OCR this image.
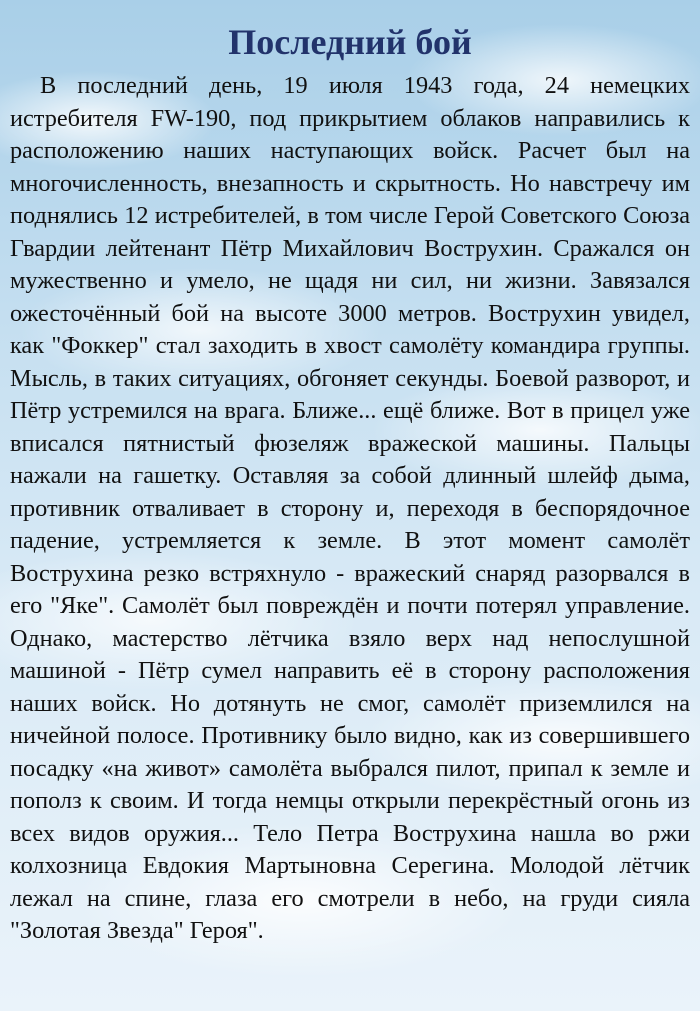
Последний бой

В последний день, 19 июля 1943 года, 24 немецких истребителя FW-190, под прикрытием облаков направились к расположению наших наступающих войск. Расчет был на многочисленность, внезапность и скрытность. Но навстречу им поднялись 12 истребителей, в том числе Герой Советского Союза Гвардии лейтенант Пётр Михайлович Вострухин. Сражался он мужественно и умело, не щадя ни сил, ни жизни. Завязался ожесточённый бой на высоте 3000 метров. Вострухин увидел, как "Фоккер" стал заходить в хвост самолёту командира группы. Мысль, в таких ситуациях, обгоняет секунды. Боевой разворот, и Пётр устремился на врага. Ближе... ещё ближе. Вот в прицел уже вписался пятнистый фюзеляж вражеской машины. Пальцы нажали на гашетку. Оставляя за собой длинный шлейф дыма, противник отваливает в сторону и, переходя в беспорядочное падение, устремляется к земле. В этот момент самолёт Вострухина резко встряхнуло - вражеский снаряд разорвался в его "Яке". Самолёт был повреждён и почти потерял управление. Однако, мастерство лётчика взяло верх над непослушной машиной - Пётр сумел направить её в сторону расположения наших войск. Но дотянуть не смог, самолёт приземлился на ничейной полосе. Противнику было видно, как из совершившего посадку «на живот» самолёта выбрался пилот, припал к земле и пополз к своим. И тогда немцы открыли перекрёстный огонь из всех видов оружия... Тело Петра Вострухина нашла во ржи колхозница Евдокия Мартыновна Серегина. Молодой лётчик лежал на спине, глаза его смотрели в небо, на груди сияла "Золотая Звезда" Героя".
